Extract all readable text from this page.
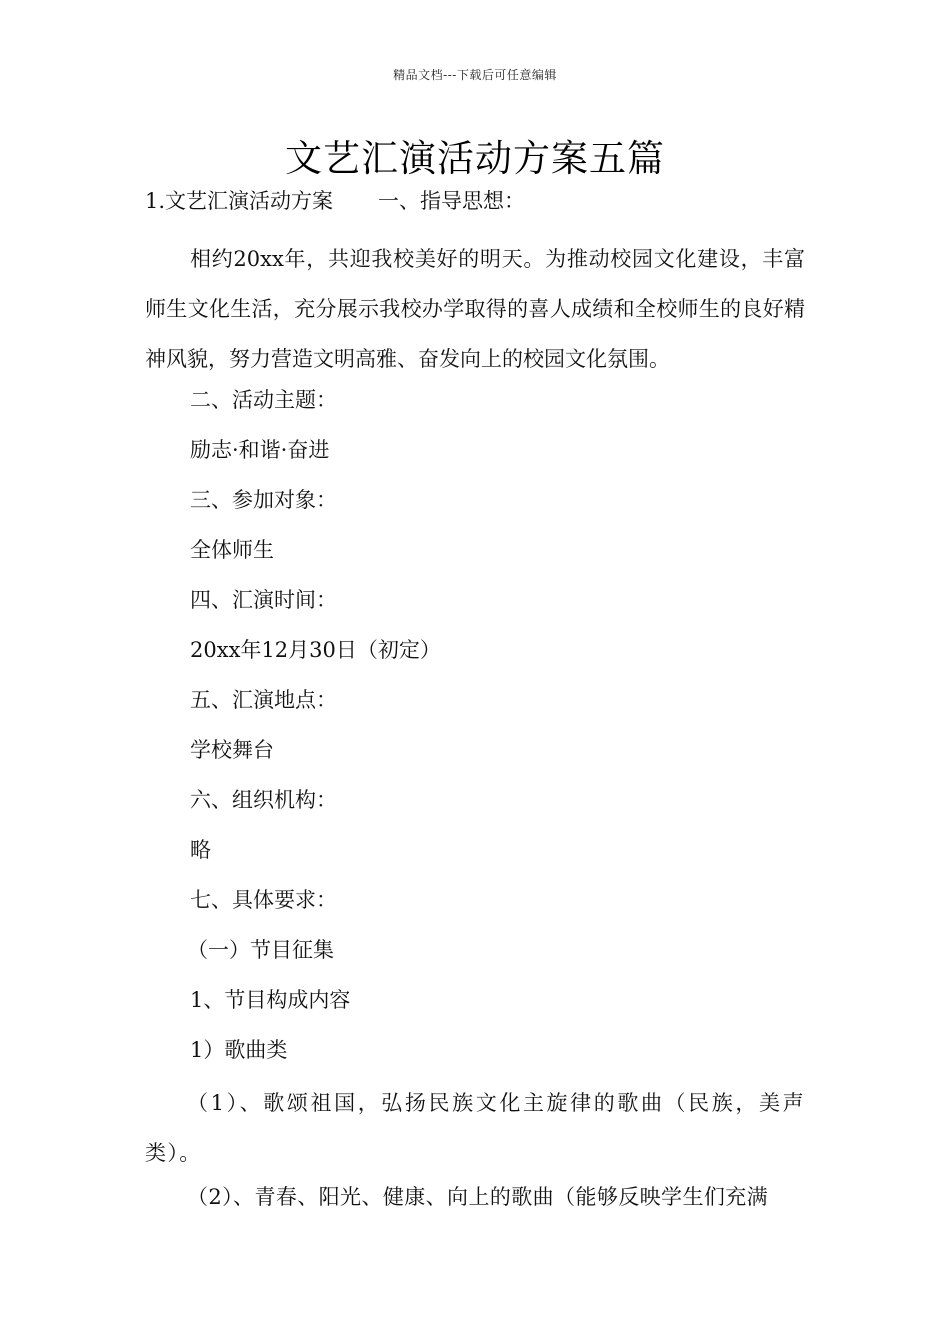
精品文档---下载后可任意编辑
文艺汇演活动方案五篇
1.文艺汇演活动方案 一、指导思想：
相约20xx年，共迎我校美好的明天。为推动校园文化建设，丰富师生文化生活，充分展示我校办学取得的喜人成绩和全校师生的良好精神风貌，努力营造文明高雅、奋发向上的校园文化氛围。
二、活动主题：
励志·和谐·奋进
三、参加对象：
全体师生
四、汇演时间：
20xx年12月30日（初定）
五、汇演地点：
学校舞台
六、组织机构：
略
七、具体要求：
（一）节目征集
1、节目构成内容
1）歌曲类
（1）、歌颂祖国，弘扬民族文化主旋律的歌曲（民族，美声类）。
（2）、青春、阳光、健康、向上的歌曲（能够反映学生们充满
